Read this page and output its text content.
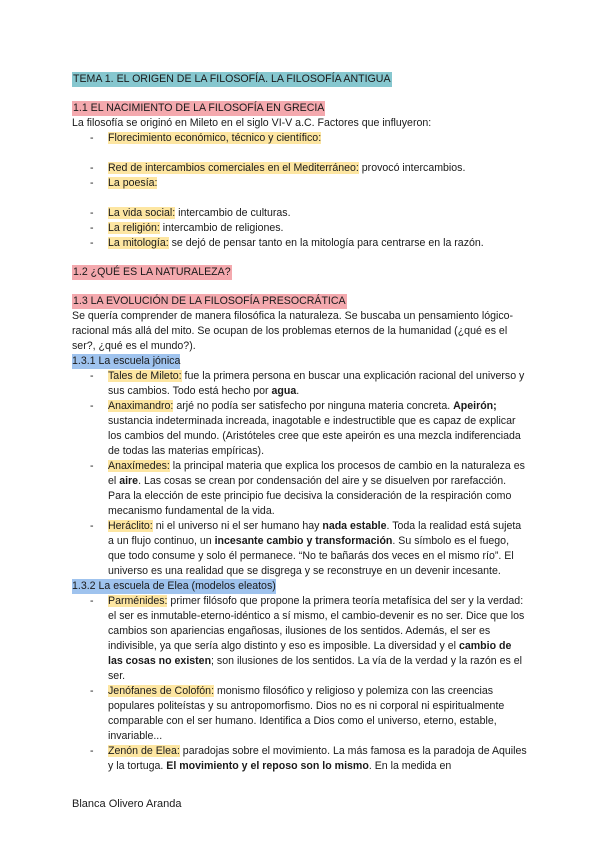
TEMA 1. EL ORIGEN DE LA FILOSOFÍA. LA FILOSOFÍA ANTIGUA
1.1 EL NACIMIENTO DE LA FILOSOFÍA EN GRECIA

La filosofía se originó en Mileto en el siglo VI-V a.C. Factores que influyeron:

- Florecimiento económico, técnico y científico:
- Red de intercambios comerciales en el Mediterráneo: provocó intercambios.
- La poesía:
- La vida social: intercambio de culturas.
- La religión: intercambio de religiones.
- La mitología: se dejó de pensar tanto en la mitología para centrarse en la razón.
1.2 ¿QUÉ ES LA NATURALEZA?
1.3 LA EVOLUCIÓN DE LA FILOSOFÍA PRESOCRÁTICA

Se quería comprender de manera filosófica la naturaleza. Se buscaba un pensamiento lógico-racional más allá del mito. Se ocupan de los problemas eternos de la humanidad (¿qué es el ser?, ¿qué es el mundo?).

1.3.1 La escuela jónica
- Tales de Mileto: fue la primera persona en buscar una explicación racional del universo y sus cambios. Todo está hecho por agua.
- Anaximandro: arjé no podía ser satisfecho por ninguna materia concreta. Apeirón; sustancia indeterminada increada, inagotable e indestructible que es capaz de explicar los cambios del mundo. (Aristóteles cree que este apeirón es una mezcla indiferenciada de todas las materias empíricas).
- Anaxímedes: la principal materia que explica los procesos de cambio en la naturaleza es el aire. Las cosas se crean por condensación del aire y se disuelven por rarefacción. Para la elección de este principio fue decisiva la consideración de la respiración como mecanismo fundamental de la vida.
- Heráclito: ni el universo ni el ser humano hay nada estable. Toda la realidad está sujeta a un flujo continuo, un incesante cambio y transformación. Su símbolo es el fuego, que todo consume y solo él permanece. “No te bañarás dos veces en el mismo río”. El universo es una realidad que se disgrega y se reconstruye en un devenir incesante.
1.3.2 La escuela de Elea (modelos eleatos)
- Parménides: primer filósofo que propone la primera teoría metafísica del ser y la verdad: el ser es inmutable-eterno-idéntico a sí mismo, el cambio-devenir es no ser. Dice que los cambios son apariencias engañosas, ilusiones de los sentidos. Además, el ser es indivisible, ya que sería algo distinto y eso es imposible. La diversidad y el cambio de las cosas no existen; son ilusiones de los sentidos. La vía de la verdad y la razón es el ser.
- Jenófanes de Colofón: monismo filosófico y religioso y polemiza con las creencias populares politeístas y su antropomorfismo. Dios no es ni corporal ni espiritualmente comparable con el ser humano. Identifica a Dios como el universo, eterno, estable, invariable...
- Zenón de Elea: paradojas sobre el movimiento. La más famosa es la paradoja de Aquiles y la tortuga. El movimiento y el reposo son lo mismo. En la medida en
Blanca Olivero Aranda
